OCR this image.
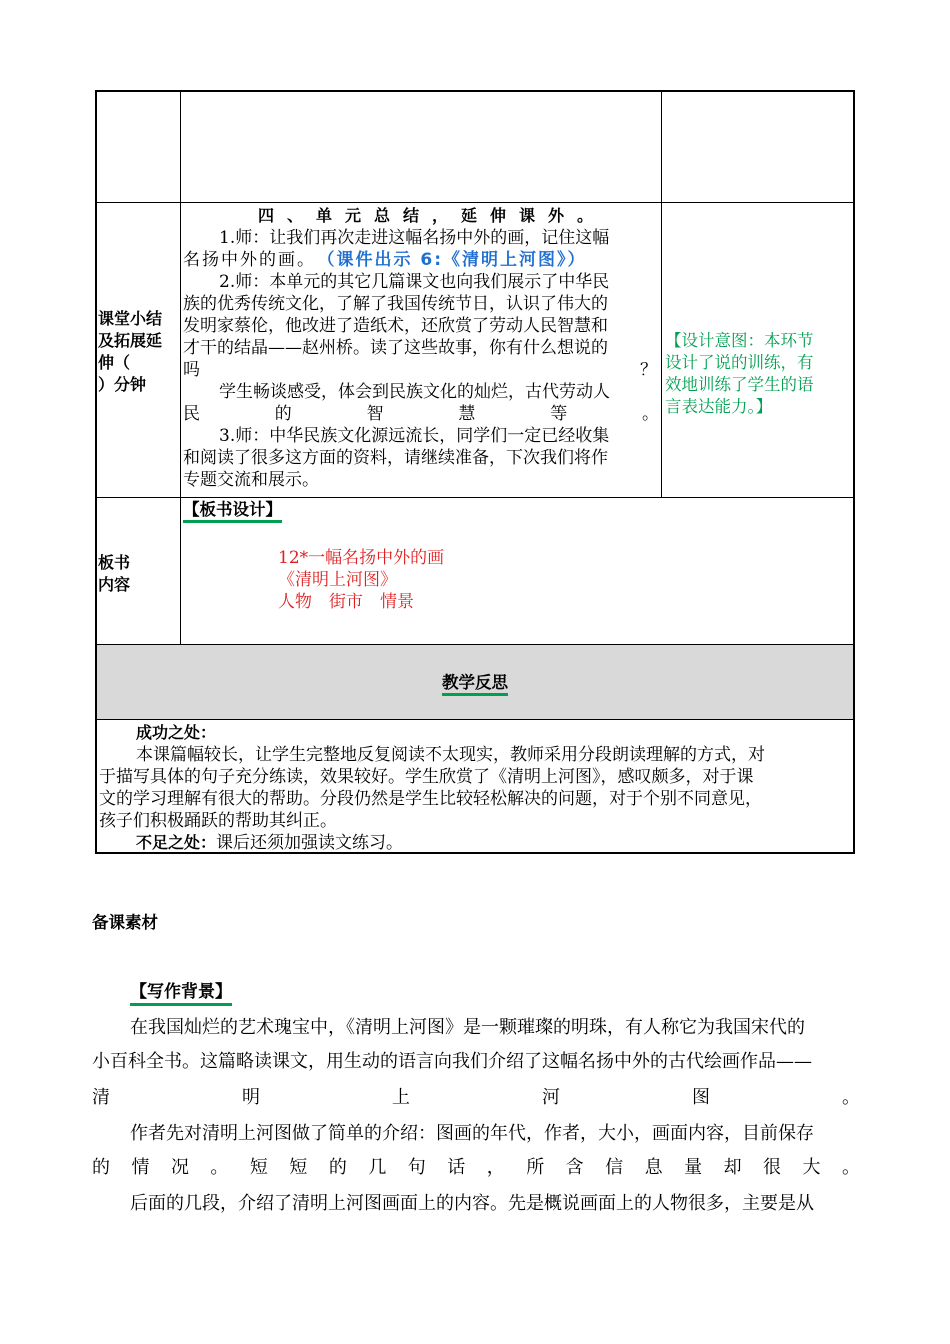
课堂小结
及拓展延
伸（
）分钟
四、单元总结，延伸课外。
1.师：让我们再次走进这幅名扬中外的画，记住这幅
名扬中外的画。 （课件出示 6:《清明上河图》）
2.师：本单元的其它几篇课文也向我们展示了中华民
族的优秀传统文化，了解了我国传统节日，认识了伟大的
发明家蔡伦，他改进了造纸术，还欣赏了劳动人民智慧和
才干的结晶——赵州桥。读了这些故事，你有什么想说的
吗	？
学生畅谈感受，体会到民族文化的灿烂，古代劳动人
民的智慧等。
3.师：中华民族文化源远流长，同学们一定已经收集
和阅读了很多这方面的资料，请继续准备，下次我们将作
专题交流和展示。
【设计意图：本环节
设计了说的训练，有
效地训练了学生的语
言表达能力。】
板书
内容
【板书设计】
12*一幅名扬中外的画
《清明上河图》
人物　街市　情景
教学反思
成功之处：
本课篇幅较长，让学生完整地反复阅读不太现实，教师采用分段朗读理解的方式，对
于描写具体的句子充分练读，效果较好。学生欣赏了《清明上河图》，感叹颇多，对于课
文的学习理解有很大的帮助。分段仍然是学生比较轻松解决的问题，对于个别不同意见，
孩子们积极踊跃的帮助其纠正。
不足之处：课后还须加强读文练习。
备课素材
【写作背景】
在我国灿烂的艺术瑰宝中，《清明上河图》是一颗璀璨的明珠，有人称它为我国宋代的
小百科全书。这篇略读课文，用生动的语言向我们介绍了这幅名扬中外的古代绘画作品——
清明上河图。
作者先对清明上河图做了简单的介绍：图画的年代，作者，大小，画面内容，目前保存
的情况。短短的几句话，所含信息量却很大。
后面的几段，介绍了清明上河图画面上的内容。先是概说画面上的人物很多，主要是从
